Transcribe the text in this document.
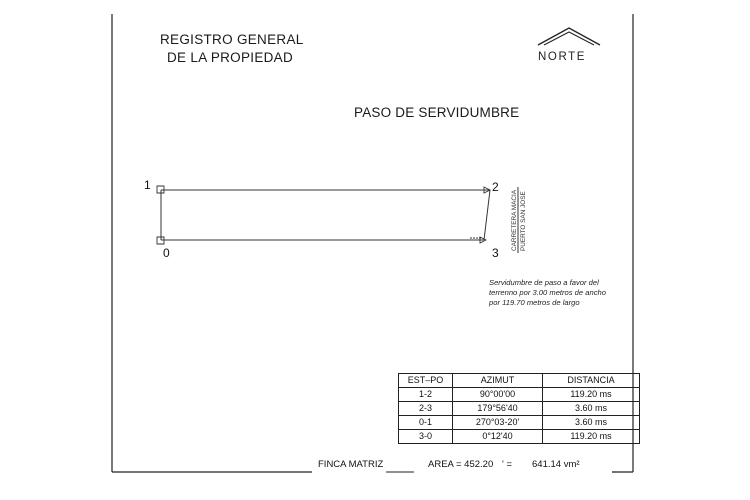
REGISTRO GENERAL
DE LA PROPIEDAD	NORTE
PASO DE SERVIDUMBRE
1
0
2
3
CARRETERA MACIA PUERTO SAN JOSE
Servidumbre de paso a favor del terrenno por 3.00 metros de ancho por 119.70 metros de largo
EST–PO	AZIMUT	DISTANCIA
1-2	90°00'00	119.20 ms
2-3	179°56'40	3.60 ms
0-1	270°03-20'	3.60 ms
3-0	0°12'40	119.20 ms
FINCA MATRIZ	AREA = 452.20 ' = 641.14 vm²
